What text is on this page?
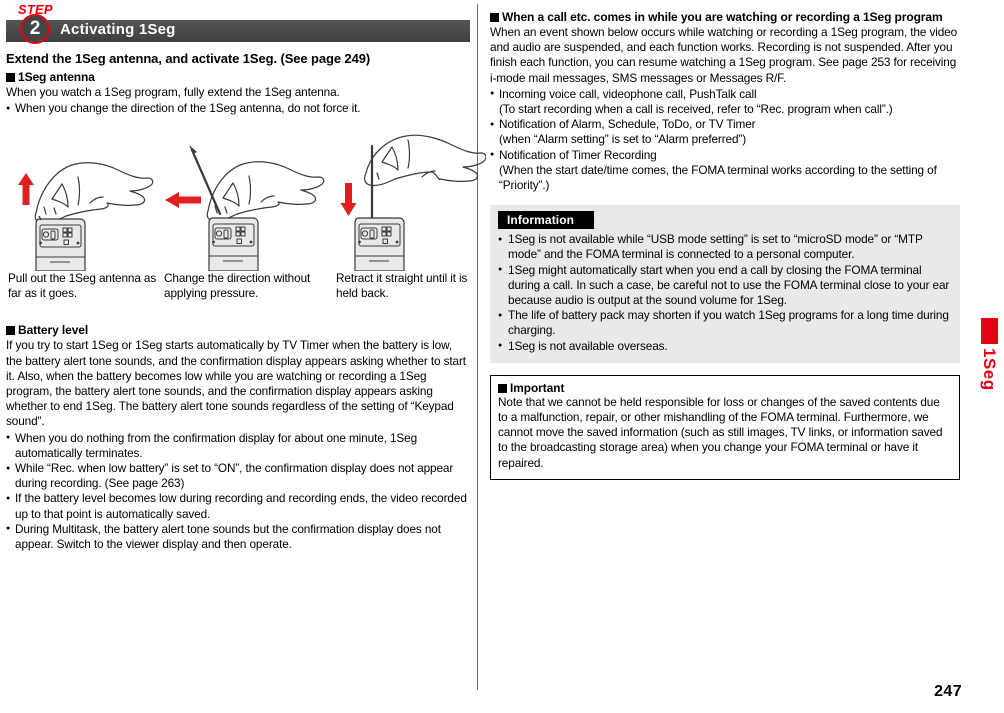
STEP
2 Activating 1Seg
Extend the 1Seg antenna, and activate 1Seg. (See page 249)
1Seg antenna

When you watch a 1Seg program, fully extend the 1Seg antenna.

● When you change the direction of the 1Seg antenna, do not force it.
Pull out the 1Seg antenna as far as it goes.
Change the direction without applying pressure.
Retract it straight until it is held back.
Battery level

If you try to start 1Seg or 1Seg starts automatically by TV Timer when the battery is low, the battery alert tone sounds, and the confirmation display appears asking whether to start it. Also, when the battery becomes low while you are watching or recording a 1Seg program, the battery alert tone sounds, and the confirmation display appears asking whether to end 1Seg. The battery alert tone sounds regardless of the setting of “Keypad sound”.

● When you do nothing from the confirmation display for about one minute, 1Seg automatically terminates.
● While “Rec. when low battery” is set to “ON”, the confirmation display does not appear during recording. (See page 263)
● If the battery level becomes low during recording and recording ends, the video recorded up to that point is automatically saved.
● During Multitask, the battery alert tone sounds but the confirmation display does not appear. Switch to the viewer display and then operate.
When a call etc. comes in while you are watching or recording a 1Seg program

When an event shown below occurs while watching or recording a 1Seg program, the video and audio are suspended, and each function works. Recording is not suspended. After you finish each function, you can resume watching a 1Seg program. See page 253 for receiving i-mode mail messages, SMS messages or Messages R/F.

● Incoming voice call, videophone call, PushTalk call
(To start recording when a call is received, refer to “Rec. program when call”.)
● Notification of Alarm, Schedule, ToDo, or TV Timer
(when “Alarm setting” is set to “Alarm preferred”)
● Notification of Timer Recording
(When the start date/time comes, the FOMA terminal works according to the setting of “Priority”.)
Information
● 1Seg is not available while “USB mode setting” is set to “microSD mode” or “MTP mode” and the FOMA terminal is connected to a personal computer.
● 1Seg might automatically start when you end a call by closing the FOMA terminal during a call. In such a case, be careful not to use the FOMA terminal close to your ear because audio is output at the sound volume for 1Seg.
● The life of battery pack may shorten if you watch 1Seg programs for a long time during charging.
● 1Seg is not available overseas.
Important

Note that we cannot be held responsible for loss or changes of the saved contents due to a malfunction, repair, or other mishandling of the FOMA terminal. Furthermore, we cannot move the saved information (such as still images, TV links, or information saved to the broadcasting storage area) when you change your FOMA terminal or have it repaired.

1Seg
247
